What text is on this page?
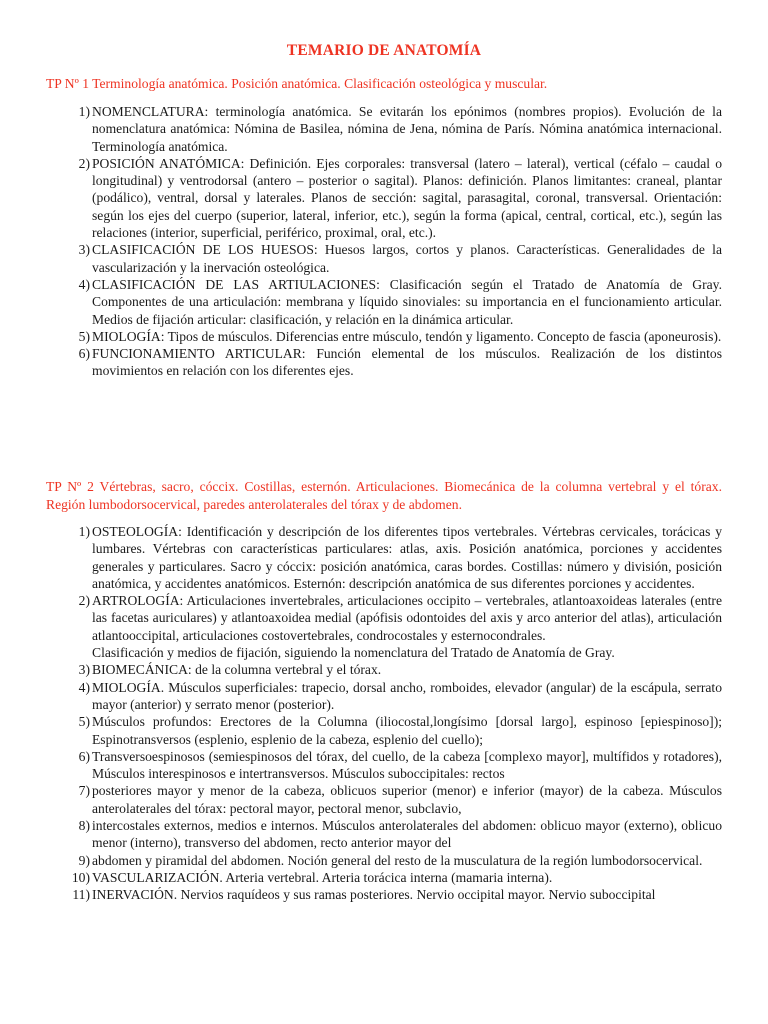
TEMARIO DE ANATOMÍA
TP Nº 1 Terminología anatómica. Posición anatómica. Clasificación osteológica y muscular.
1) NOMENCLATURA: terminología anatómica. Se evitarán los epónimos (nombres propios). Evolución de la nomenclatura anatómica: Nómina de Basilea, nómina de Jena, nómina de París. Nómina anatómica internacional. Terminología anatómica.
2) POSICIÓN ANATÓMICA: Definición. Ejes corporales: transversal (latero – lateral), vertical (céfalo – caudal o longitudinal) y ventrodorsal (antero – posterior o sagital). Planos: definición. Planos limitantes: craneal, plantar (podálico), ventral, dorsal y laterales. Planos de sección: sagital, parasagital, coronal, transversal. Orientación: según los ejes del cuerpo (superior, lateral, inferior, etc.), según la forma (apical, central, cortical, etc.), según las relaciones (interior, superficial, periférico, proximal, oral, etc.).
3) CLASIFICACIÓN DE LOS HUESOS: Huesos largos, cortos y planos. Características. Generalidades de la vascularización y la inervación osteológica.
4) CLASIFICACIÓN DE LAS ARTIULACIONES: Clasificación según el Tratado de Anatomía de Gray. Componentes de una articulación: membrana y líquido sinoviales: su importancia en el funcionamiento articular. Medios de fijación articular: clasificación, y relación en la dinámica articular.
5) MIOLOGÍA: Tipos de músculos. Diferencias entre músculo, tendón y ligamento. Concepto de fascia (aponeurosis).
6) FUNCIONAMIENTO ARTICULAR: Función elemental de los músculos. Realización de los distintos movimientos en relación con los diferentes ejes.
TP Nº 2 Vértebras, sacro, cóccix. Costillas, esternón. Articulaciones. Biomecánica de la columna vertebral y el tórax. Región lumbodorsocervical, paredes anterolaterales del tórax y de abdomen.
1) OSTEOLOGÍA: Identificación y descripción de los diferentes tipos vertebrales. Vértebras cervicales, torácicas y lumbares. Vértebras con características particulares: atlas, axis. Posición anatómica, porciones y accidentes generales y particulares. Sacro y cóccix: posición anatómica, caras bordes. Costillas: número y división, posición anatómica, y accidentes anatómicos. Esternón: descripción anatómica de sus diferentes porciones y accidentes.
2) ARTROLOGÍA: Articulaciones invertebrales, articulaciones occipito – vertebrales, atlantoaxoideas laterales (entre las facetas auriculares) y atlantoaxoidea medial (apófisis odontoides del axis y arco anterior del atlas), articulación atlantooccipital, articulaciones costovertebrales, condrocostales y esternocondrales.
Clasificación y medios de fijación, siguiendo la nomenclatura del Tratado de Anatomía de Gray.
3) BIOMECÁNICA: de la columna vertebral y el tórax.
4) MIOLOGÍA. Músculos superficiales: trapecio, dorsal ancho, romboides, elevador (angular) de la escápula, serrato mayor (anterior) y serrato menor (posterior).
5) Músculos profundos: Erectores de la Columna (iliocostal,longísimo [dorsal largo], espinoso [epiespinoso]); Espinotransversos (esplenio, esplenio de la cabeza, esplenio del cuello);
6) Transversoespinosos (semiespinosos del tórax, del cuello, de la cabeza [complexo mayor], multífidos y rotadores), Músculos interespinosos e intertransversos. Músculos suboccipitales: rectos
7) posteriores mayor y menor de la cabeza, oblicuos superior (menor) e inferior (mayor) de la cabeza. Músculos anterolaterales del tórax: pectoral mayor, pectoral menor, subclavio,
8) intercostales externos, medios e internos. Músculos anterolaterales del abdomen: oblicuo mayor (externo), oblicuo menor (interno), transverso del abdomen, recto anterior mayor del
9) abdomen y piramidal del abdomen. Noción general del resto de la musculatura de la región lumbodorsocervical.
10) VASCULARIZACIÓN. Arteria vertebral. Arteria torácica interna (mamaria interna).
11) INERVACIÓN. Nervios raquídeos y sus ramas posteriores. Nervio occipital mayor. Nervio suboccipital
